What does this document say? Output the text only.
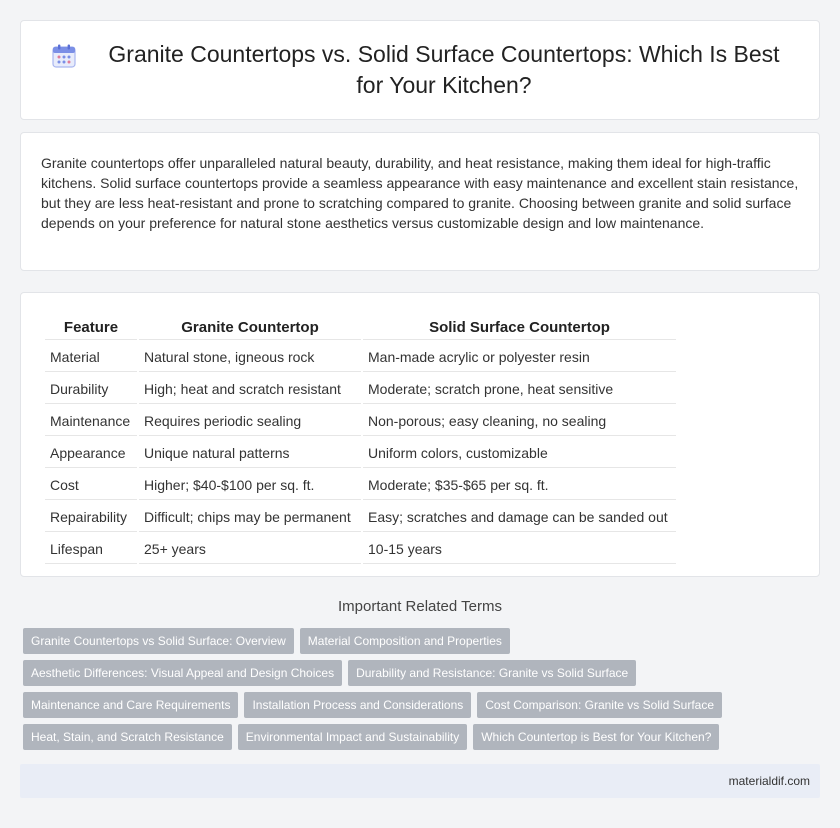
Granite Countertops vs. Solid Surface Countertops: Which Is Best for Your Kitchen?

Granite countertops offer unparalleled natural beauty, durability, and heat resistance, making them ideal for high-traffic kitchens. Solid surface countertops provide a seamless appearance with easy maintenance and excellent stain resistance, but they are less heat-resistant and prone to scratching compared to granite. Choosing between granite and solid surface depends on your preference for natural stone aesthetics versus customizable design and low maintenance.

Feature	Granite Countertop	Solid Surface Countertop
Material	Natural stone, igneous rock	Man-made acrylic or polyester resin
Durability	High; heat and scratch resistant	Moderate; scratch prone, heat sensitive
Maintenance	Requires periodic sealing	Non-porous; easy cleaning, no sealing
Appearance	Unique natural patterns	Uniform colors, customizable
Cost	Higher; $40-$100 per sq. ft.	Moderate; $35-$65 per sq. ft.
Repairability	Difficult; chips may be permanent	Easy; scratches and damage can be sanded out
Lifespan	25+ years	10-15 years
Important Related Terms
Granite Countertops vs Solid Surface: Overview	Material Composition and Properties
Aesthetic Differences: Visual Appeal and Design Choices	Durability and Resistance: Granite vs Solid Surface
Maintenance and Care Requirements	Installation Process and Considerations	Cost Comparison: Granite vs Solid Surface
Heat, Stain, and Scratch Resistance	Environmental Impact and Sustainability	Which Countertop is Best for Your Kitchen?
materialdif.com
